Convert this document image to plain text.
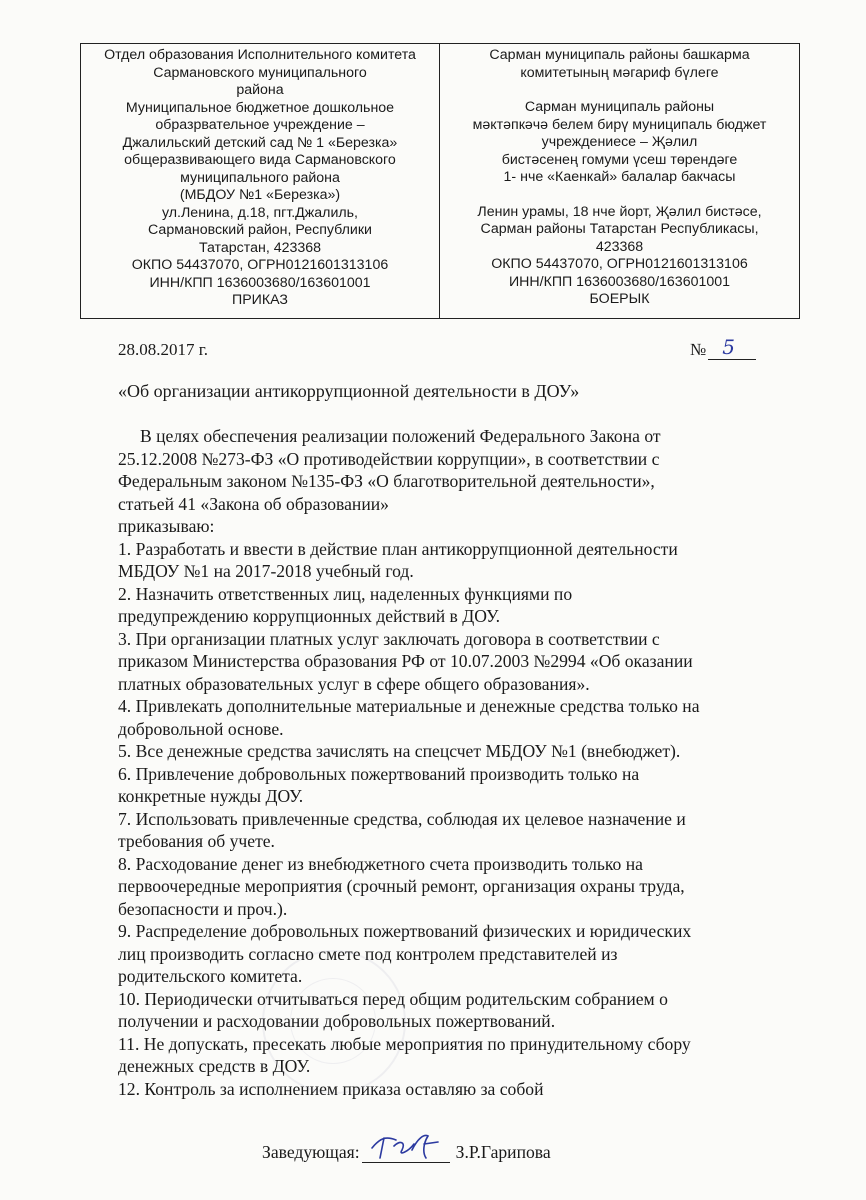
Отдел образования Исполнительного комитета
Сармановского муниципального
района
Муниципальное бюджетное дошкольное
образрвательное учреждение –
Джалильский детский сад № 1 «Березка»
общеразвивающего вида Сармановского
муниципального района
(МБДОУ №1 «Березка»)
ул.Ленина, д.18, пгт.Джалиль,
Сармановский район, Республики
Татарстан, 423368
ОКПО 54437070, ОГРН0121601313106
ИНН/КПП 1636003680/163601001
ПРИКАЗ
Сарман муниципаль районы башкарма
комитетының мәгариф бүлеге
Сарман муниципаль районы
мәктәпкәчә белем бирү муниципаль бюджет
учреждениесе – Җәлил
бистәсенең гомуми үсеш төрендәге
1- нче «Каенкай» балалар бакчасы
Ленин урамы, 18 нче йорт, Җәлил бистәсе,
Сарман районы Татарстан Республикасы,
423368
ОКПО 54437070, ОГРН0121601313106
ИНН/КПП 1636003680/163601001
БОЕРЫК
28.08.2017 г.	№ 5
«Об организации антикоррупционной деятельности в ДОУ»

В целях обеспечения реализации положений Федерального Закона от

25.12.2008 №273-ФЗ «О противодействии коррупции», в соответствии с

Федеральным законом №135-ФЗ «О благотворительной деятельности»,

статьей 41 «Закона об образовании»

приказываю:

1. Разработать и ввести в действие план антикоррупционной деятельности
МБДОУ №1 на 2017-2018 учебный год.

2. Назначить ответственных лиц, наделенных функциями по
предупреждению коррупционных действий в ДОУ.

3. При организации платных услуг заключать договора в соответствии с
приказом Министерства образования РФ от 10.07.2003 №2994 «Об оказании
платных образовательных услуг в сфере общего образования».

4. Привлекать дополнительные материальные и денежные средства только на
добровольной основе.

5. Все денежные средства зачислять на спецсчет МБДОУ №1 (внебюджет).

6. Привлечение добровольных пожертвований производить только на
конкретные нужды ДОУ.

7. Использовать привлеченные средства, соблюдая их целевое назначение и
требования об учете.

8. Расходование денег из внебюджетного счета производить только на
первоочередные мероприятия (срочный ремонт, организация охраны труда,
безопасности и проч.).

9. Распределение добровольных пожертвований физических и юридических
лиц производить согласно смете под контролем представителей из
родительского комитета.

10. Периодически отчитываться перед общим родительским собранием о
получении и расходовании добровольных пожертвований.

11. Не допускать, пресекать любые мероприятия по принудительному сбору
денежных средств в ДОУ.

12. Контроль за исполнением приказа оставляю за собой

Заведующая:	З.Р.Гарипова
